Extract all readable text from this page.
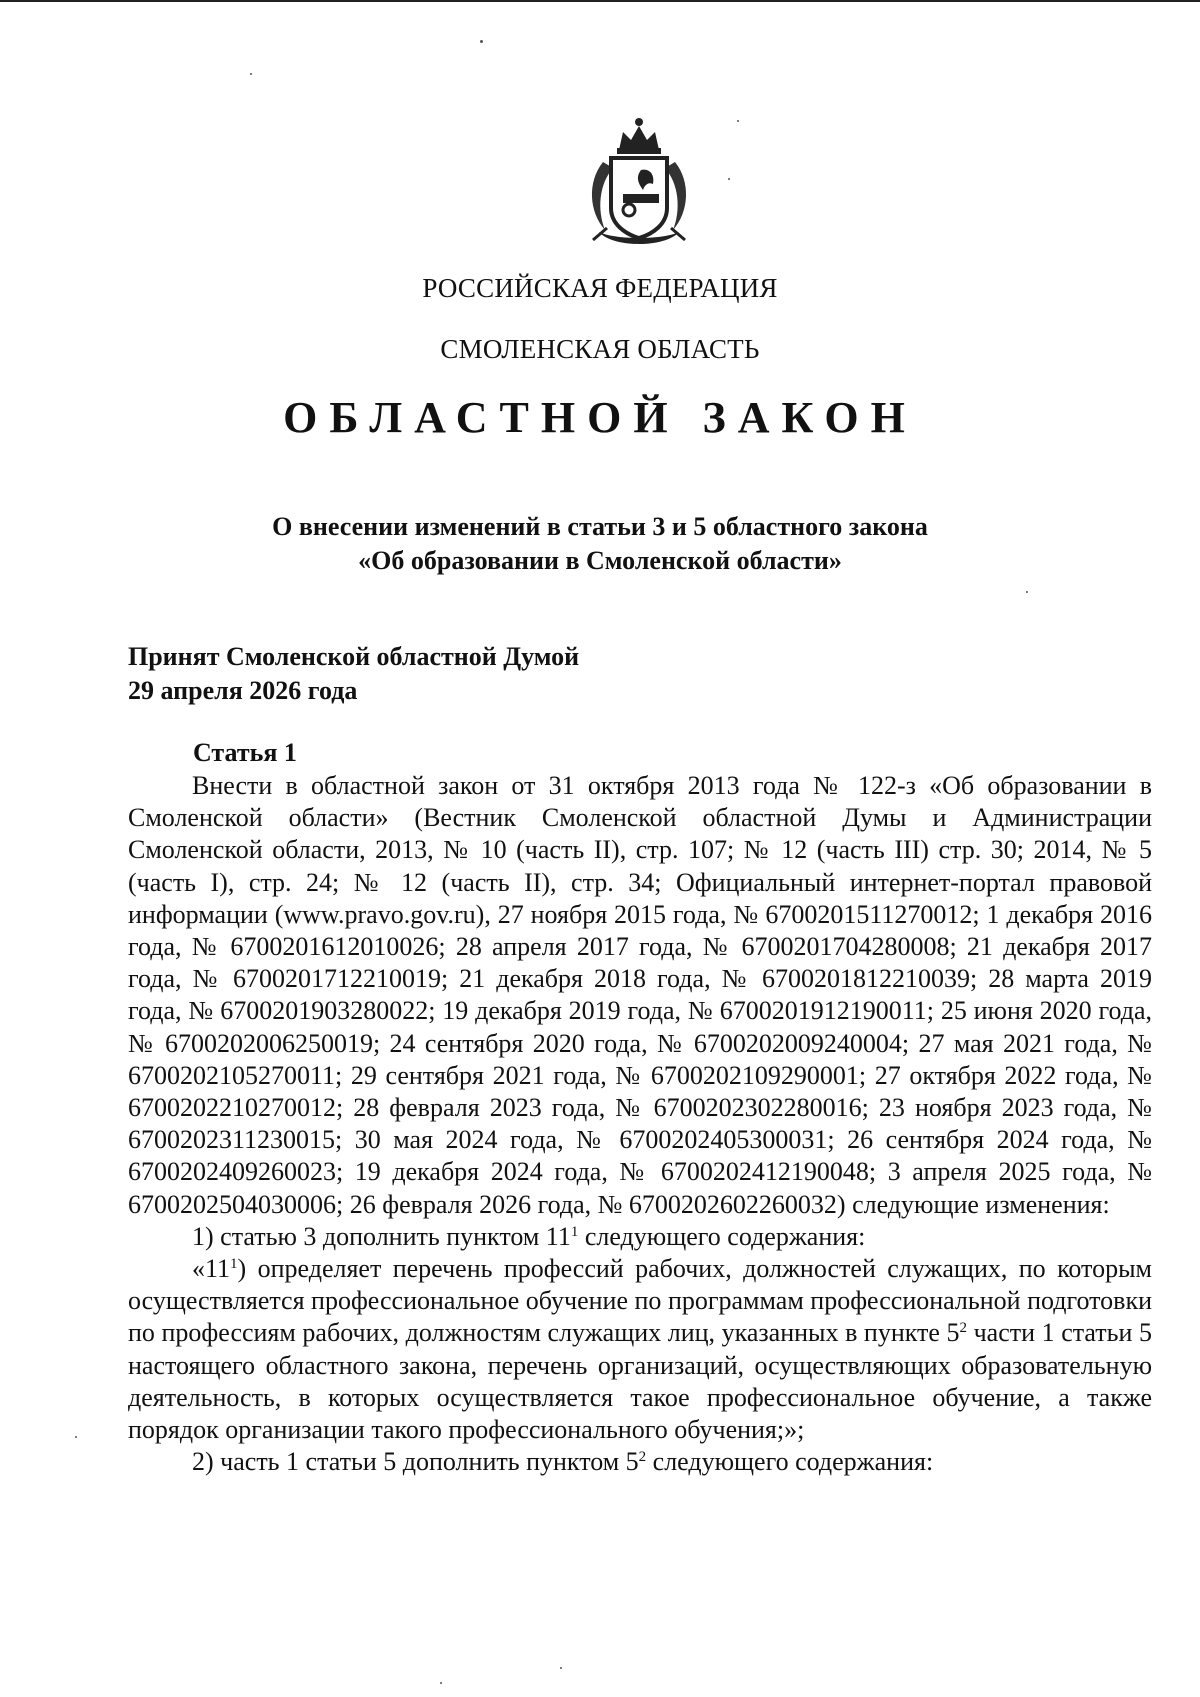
РОССИЙСКАЯ ФЕДЕРАЦИЯ
СМОЛЕНСКАЯ ОБЛАСТЬ
ОБЛАСТНОЙ ЗАКОН
О внесении изменений в статьи 3 и 5 областного закона
«Об образовании в Смоленской области»
Принят Смоленской областной Думой
29 апреля 2026 года
Статья 1

Внести в областной закон от 31 октября 2013 года № 122-з «Об образовании в Смоленской области» (Вестник Смоленской областной Думы и Администрации Смоленской области, 2013, № 10 (часть II), стр. 107; № 12 (часть III) стр. 30; 2014, № 5 (часть I), стр. 24; № 12 (часть II), стр. 34; Официальный интернет-портал правовой информации (www.pravo.gov.ru), 27 ноября 2015 года, № 6700201511270012; 1 декабря 2016 года, № 6700201612010026; 28 апреля 2017 года, № 6700201704280008; 21 декабря 2017 года, № 6700201712210019; 21 декабря 2018 года, № 6700201812210039; 28 марта 2019 года, № 6700201903280022; 19 декабря 2019 года, № 6700201912190011; 25 июня 2020 года, № 6700202006250019; 24 сентября 2020 года, № 6700202009240004; 27 мая 2021 года, № 6700202105270011; 29 сентября 2021 года, № 6700202109290001; 27 октября 2022 года, № 6700202210270012; 28 февраля 2023 года, № 6700202302280016; 23 ноября 2023 года, № 6700202311230015; 30 мая 2024 года, № 6700202405300031; 26 сентября 2024 года, № 6700202409260023; 19 декабря 2024 года, № 6700202412190048; 3 апреля 2025 года, № 6700202504030006; 26 февраля 2026 года, № 6700202602260032) следующие изменения:

1) статью 3 дополнить пунктом $11^1$ следующего содержания:

«$11^1$) определяет перечень профессий рабочих, должностей служащих, по которым осуществляется профессиональное обучение по программам профессиональной подготовки по профессиям рабочих, должностям служащих лиц, указанных в пункте $5^2$ части 1 статьи 5 настоящего областного закона, перечень организаций, осуществляющих образовательную деятельность, в которых осуществляется такое профессиональное обучение, а также порядок организации такого профессионального обучения;»;

2) часть 1 статьи 5 дополнить пунктом $5^2$ следующего содержания:
